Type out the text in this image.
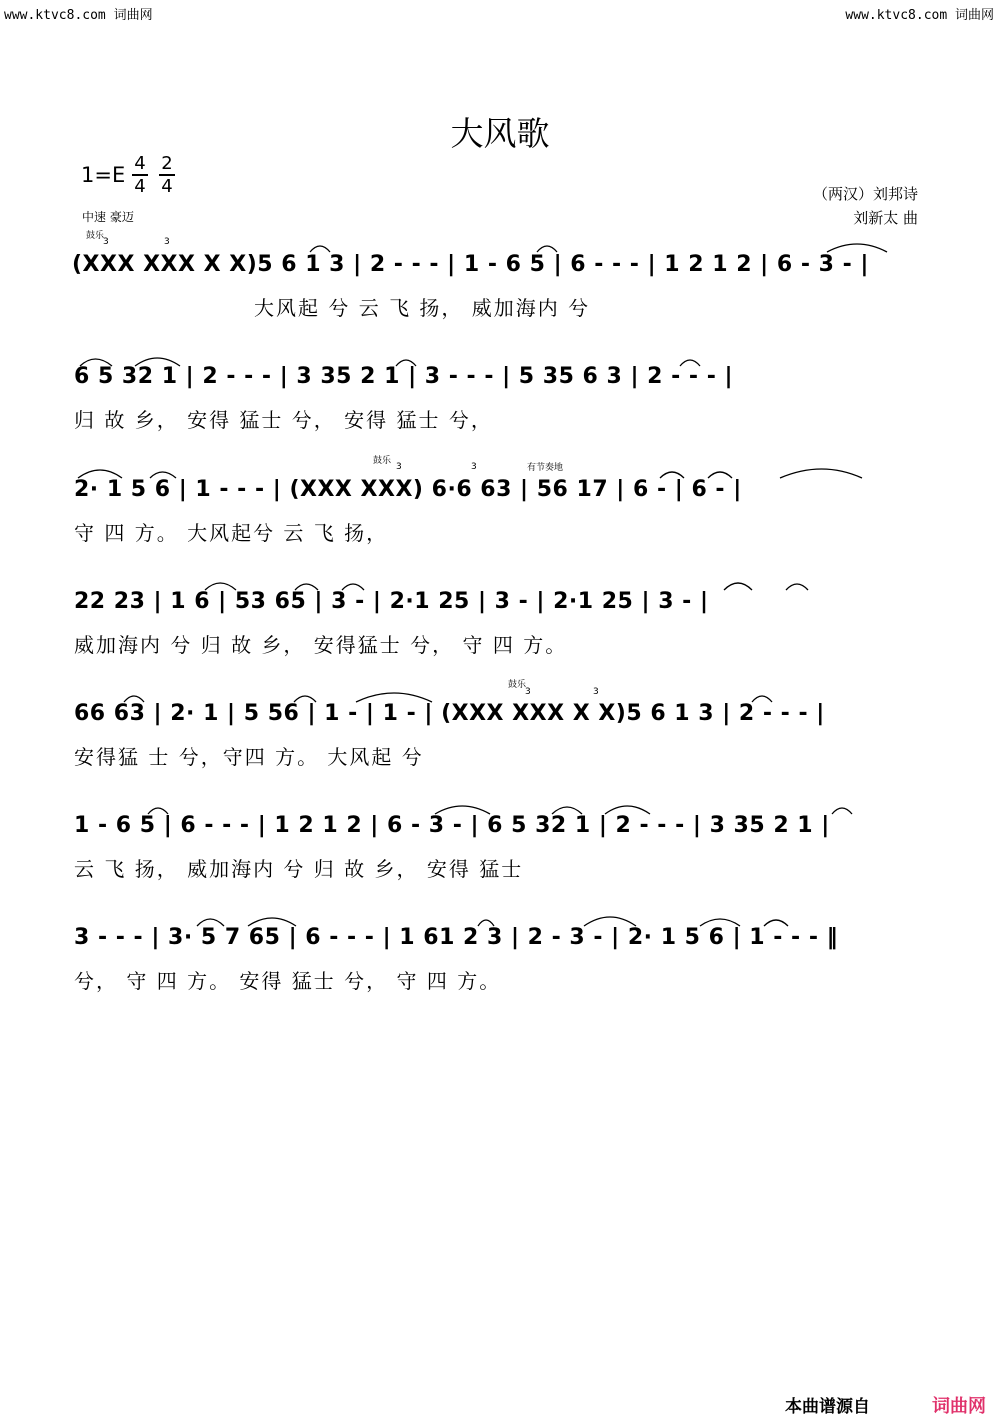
www.ktvc8.com 词曲网	www.ktvc8.com 词曲网
大风歌
1=E 4
4
2
4	（两汉）刘邦诗
刘新太 曲
中速 豪迈
鼓乐
鼓乐
有节奏地
鼓乐
3	3
3	3
3	3
(XXX XXX X X)5 6 1 3 | 2 - - - | 1 - 6 5 | 6 - - - | 1 2 1 2 | 6 - 3 - |
大风起 兮 云 飞 扬， 威加海内 兮
6 5 32 1 | 2 - - - | 3 35 2 1 | 3 - - - | 5 35 6 3 | 2 - - - |
归 故 乡， 安得 猛士 兮， 安得 猛士 兮，
2· 1 5 6 | 1 - - - | (XXX XXX) 6·6 63 | 56 17 | 6 - | 6 - |
守 四 方。 大风起兮 云 飞 扬，
22 23 | 1 6 | 53 65 | 3 - | 2·1 25 | 3 - | 2·1 25 | 3 - |
威加海内 兮 归 故 乡， 安得猛士 兮， 守 四 方。
66 63 | 2· 1 | 5 56 | 1 - | 1 - | (XXX XXX X X)5 6 1 3 | 2 - - - |
安得猛 士 兮，守四 方。 大风起 兮
1 - 6 5 | 6 - - - | 1 2 1 2 | 6 - 3 - | 6 5 32 1 | 2 - - - | 3 35 2 1 |
云 飞 扬， 威加海内 兮 归 故 乡， 安得 猛士
3 - - - | 3· 5 7 65 | 6 - - - | 1 61 2 3 | 2 - 3 - | 2· 1 5 6 | 1 - - - ‖
兮， 守 四 方。 安得 猛士 兮， 守 四 方。
本曲谱源自	词曲网
